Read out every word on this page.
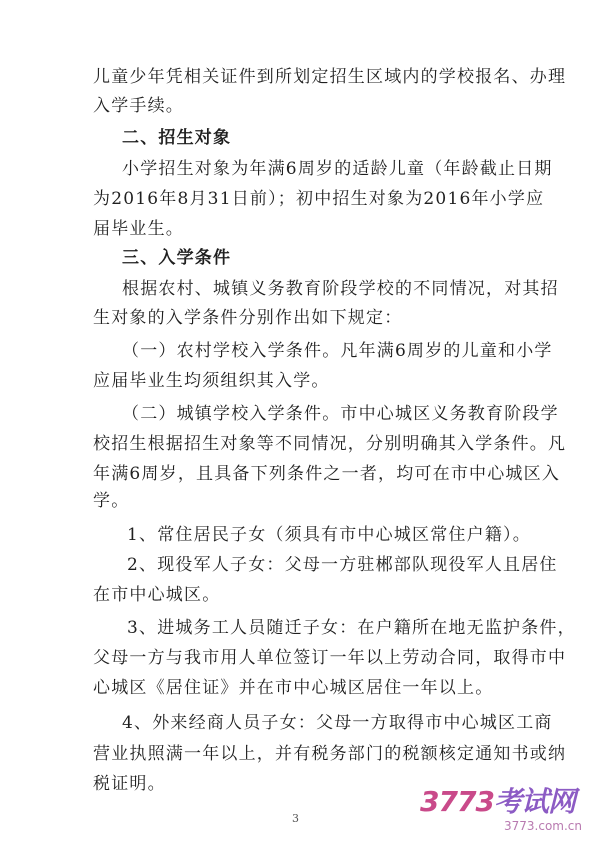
儿童少年凭相关证件到所划定招生区域内的学校报名、办理
入学手续。
二、招生对象
小学招生对象为年满6周岁的适龄儿童（年龄截止日期
为2016年8月31日前）；初中招生对象为2016年小学应
届毕业生。
三、入学条件
根据农村、城镇义务教育阶段学校的不同情况，对其招
生对象的入学条件分别作出如下规定：
（一）农村学校入学条件。凡年满6周岁的儿童和小学
应届毕业生均须组织其入学。
（二）城镇学校入学条件。市中心城区义务教育阶段学
校招生根据招生对象等不同情况，分别明确其入学条件。凡
年满6周岁，且具备下列条件之一者，均可在市中心城区入
学。
1、常住居民子女（须具有市中心城区常住户籍）。
2、现役军人子女：父母一方驻郴部队现役军人且居住
在市中心城区。
3、进城务工人员随迁子女：在户籍所在地无监护条件，
父母一方与我市用人单位签订一年以上劳动合同，取得市中
心城区《居住证》并在市中心城区居住一年以上。
4、外来经商人员子女：父母一方取得市中心城区工商
营业执照满一年以上，并有税务部门的税额核定通知书或纳
税证明。
3
3773考试网
3773.com.cn
